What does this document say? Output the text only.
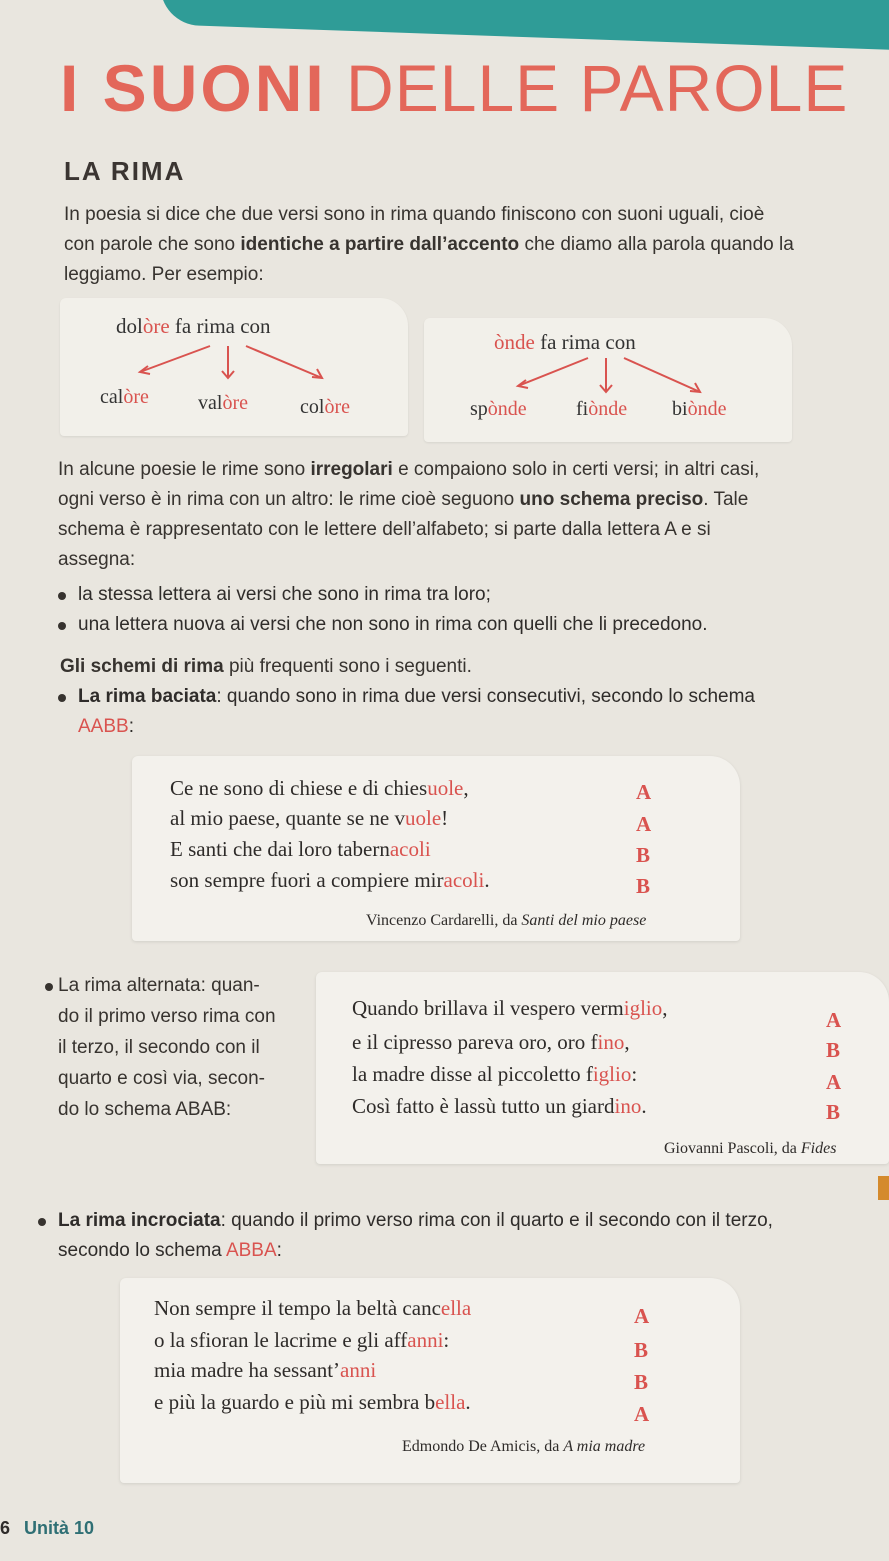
I SUONI DELLE PAROLE
LA RIMA

In poesia si dice che due versi sono in rima quando finiscono con suoni uguali, cioè con parole che sono identiche a partire dall’accento che diamo alla parola quando la leggiamo. Per esempio:

dolòre fa rima con
calòre valòre	colòre
ònde fa rima con
spònde fiònde biònde

In alcune poesie le rime sono irregolari e compaiono solo in certi versi; in altri casi, ogni verso è in rima con un altro: le rime cioè seguono uno schema preciso. Tale schema è rappresentato con le lettere dell’alfabeto; si parte dalla lettera A e si assegna:

la stessa lettera ai versi che sono in rima tra loro;
una lettera nuova ai versi che non sono in rima con quelli che li precedono.

Gli schemi di rima più frequenti sono i seguenti.

La rima baciata: quando sono in rima due versi consecutivi, secondo lo schema AABB:
Ce ne sono di chiese e di chiesuole,	A
al mio paese, quante se ne vuole!	A
E santi che dai loro tabernacoli	B
son sempre fuori a compiere miracoli.	B
Vincenzo Cardarelli, da Santi del mio paese
La rima alternata: quan-
do il primo verso rima con
il terzo, il secondo con il
quarto e così via, secon-
do lo schema ABAB:
Quando brillava il vespero vermiglio,	A
e il cipresso pareva oro, oro fino,	B
la madre disse al piccoletto figlio:	A
Così fatto è lassù tutto un giardino.	B
Giovanni Pascoli, da Fides
La rima incrociata: quando il primo verso rima con il quarto e il secondo con il terzo, secondo lo schema ABBA:
Non sempre il tempo la beltà cancella	A
o la sfioran le lacrime e gli affanni:	B
mia madre ha sessant’anni	B
e più la guardo e più mi sembra bella.	A
Edmondo De Amicis, da A mia madre
6 Unità 10
